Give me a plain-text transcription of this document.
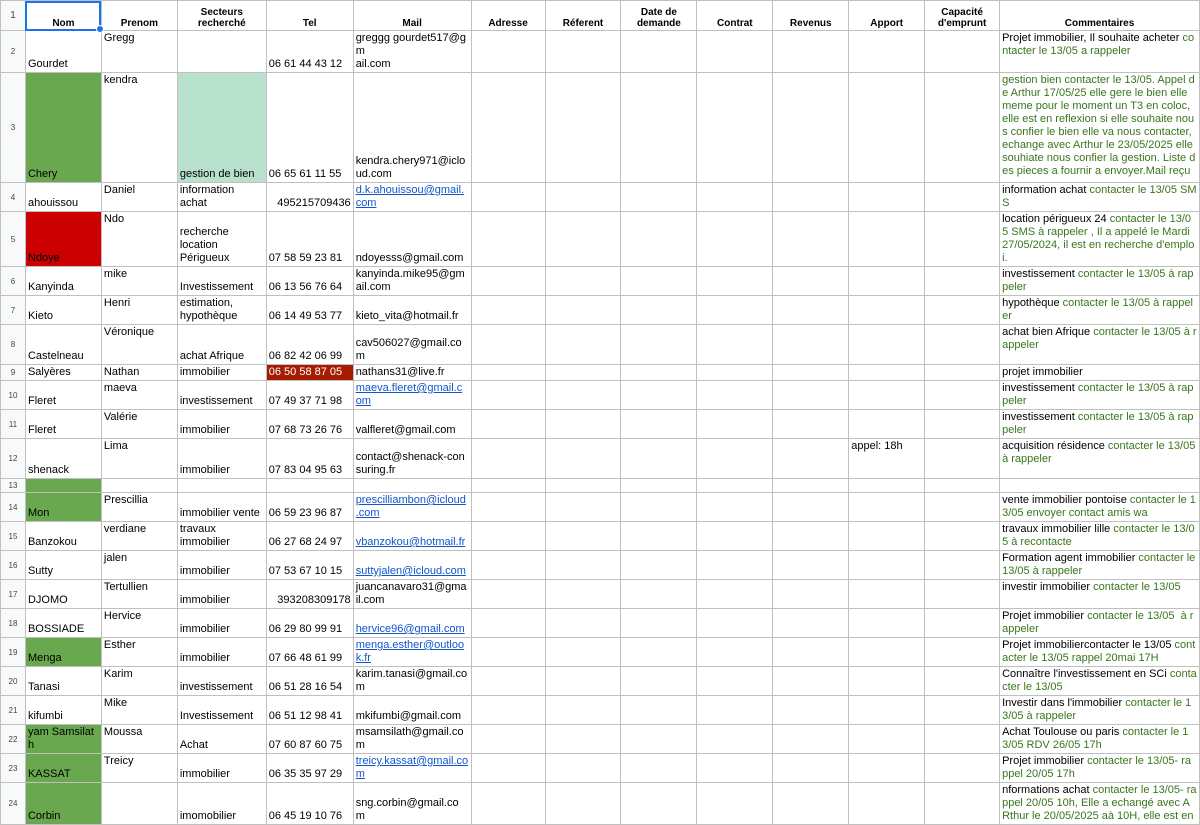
1	Nom	Prenom	Secteurs
recherché	Tel	Mail	Adresse	Réferent	Date de
demande	Contrat	Revenus	Apport	Capacité
d'emprunt	Commentaires
2	Gourdet	Gregg		06 61 44 43 12	greggg gourdet517@gm
ail.com								Projet immobilier, Il souhaite acheter contacter le 13/05 a rappeler
3	Chery	kendra	gestion de bien	06 65 61 11 55	kendra.chery971@iclo
ud.com								gestion bien contacter le 13/05. Appel de Arthur 17/05/25 elle gere le bien elle meme pour le moment un T3 en coloc, elle est en reflexion si elle souhaite nous confier le bien elle va nous contacter, echange avec Arthur le 23/05/2025 elle souhiate nous confier la gestion. Liste des pieces a fournir a envoyer.Mail reçu
4	ahouissou	Daniel	information
achat	495215709436	d.k.ahouissou@gmail.
com								information achat contacter le 13/05 SMS
5	Ndoye	Ndo	recherche
location
Périgueux	07 58 59 23 81	ndoyesss@gmail.com								location périgueux 24 contacter le 13/05 SMS à rappeler , Il a appelé le Mardi 27/05/2024, il est en recherche d'emploi.
6	Kanyinda	mike	Investissement	06 13 56 76 64	kanyinda.mike95@gm
ail.com								investissement contacter le 13/05 à rappeler
7	Kieto	Henri	estimation,
hypothèque	06 14 49 53 77	kieto_vita@hotmail.fr								hypothèque contacter le 13/05 à rappeler
8	Castelneau	Véronique	achat Afrique	06 82 42 06 99	cav506027@gmail.co
m								achat bien Afrique contacter le 13/05 à rappeler
9	Salyères	Nathan	immobilier	06 50 58 87 05	nathans31@live.fr								projet immobilier
10	Fleret	maeva	investissement	07 49 37 71 98	maeva.fleret@gmail.c
om								investissement contacter le 13/05 à rappeler
11	Fleret	Valérie	immobilier	07 68 73 26 76	valfleret@gmail.com								investissement contacter le 13/05 à rappeler
12	shenack	Lima	immobilier	07 83 04 95 63	contact@shenack-con
suring.fr						appel: 18h		acquisition résidence contacter le 13/05 à rappeler
13													
14	Mon	Prescillia	immobilier vente	06 59 23 96 87	prescilliambon@icloud
.com								vente immobilier pontoise contacter le 13/05 envoyer contact amis wa
15	Banzokou	verdiane	travaux
immobilier	06 27 68 24 97	vbanzokou@hotmail.fr								travaux immobilier lille contacter le 13/05 à recontacte
16	Sutty	jalen	immobilier	07 53 67 10 15	suttyjalen@icloud.com								Formation agent immobilier contacter le 13/05 à rappeler
17	DJOMO	Tertullien	immobilier	393208309178	juancanavaro31@gma
il.com								investir immobilier contacter le 13/05
18	BOSSIADE	Hervice	immobilier	06 29 80 99 91	hervice96@gmail.com								Projet immobilier contacter le 13/05  à rappeler
19	Menga	Esther	immobilier	07 66 48 61 99	menga.esther@outloo
k.fr								Projet immobiliercontacter le 13/05 contacter le 13/05 rappel 20mai 17H
20	Tanasi	Karim	investissement	06 51 28 16 54	karim.tanasi@gmail.co
m								Connaître l'investissement en SCi contacter le 13/05
21	kifumbi	Mike	Investissement	06 51 12 98 41	mkifumbi@gmail.com								Investir dans l'immobilier contacter le 13/05 à rappeler
22	yam Samsilath	Moussa	Achat	07 60 87 60 75	msamsilath@gmail.co
m								Achat Toulouse ou paris contacter le 13/05 RDV 26/05 17h
23	KASSAT	Treicy	immobilier	06 35 35 97 29	treicy.kassat@gmail.co
m								Projet immobilier contacter le 13/05- rappel 20/05 17h
24	Corbin		imomobilier	06 45 19 10 76	sng.corbin@gmail.co
m								nformations achat contacter le 13/05- rappel 20/05 10h, Elle a echangé avec ARthur le 20/05/2025 aà 10H, elle est en
